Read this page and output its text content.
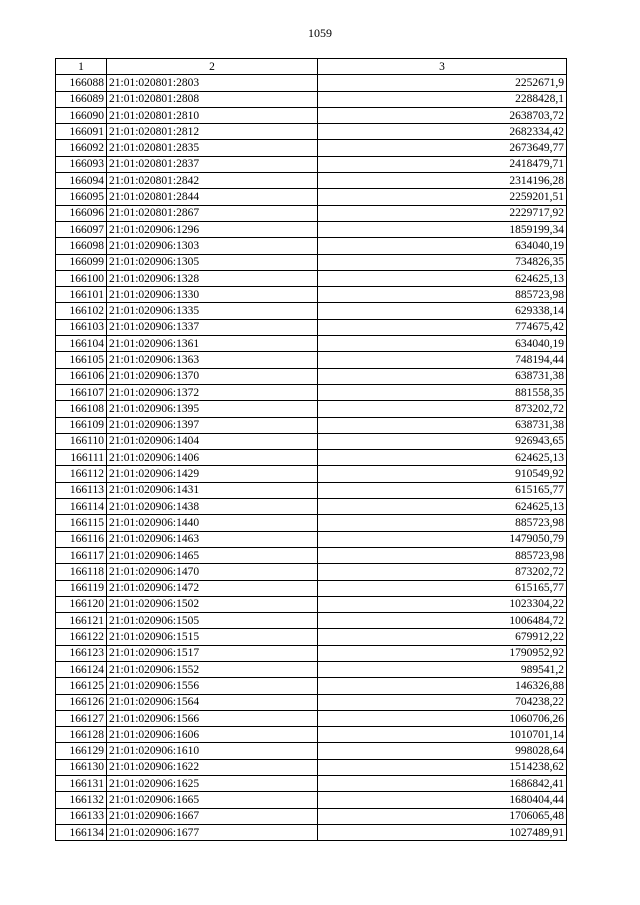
1059
1	2	3
166088	21:01:020801:2803	2252671,9
166089	21:01:020801:2808	2288428,1
166090	21:01:020801:2810	2638703,72
166091	21:01:020801:2812	2682334,42
166092	21:01:020801:2835	2673649,77
166093	21:01:020801:2837	2418479,71
166094	21:01:020801:2842	2314196,28
166095	21:01:020801:2844	2259201,51
166096	21:01:020801:2867	2229717,92
166097	21:01:020906:1296	1859199,34
166098	21:01:020906:1303	634040,19
166099	21:01:020906:1305	734826,35
166100	21:01:020906:1328	624625,13
166101	21:01:020906:1330	885723,98
166102	21:01:020906:1335	629338,14
166103	21:01:020906:1337	774675,42
166104	21:01:020906:1361	634040,19
166105	21:01:020906:1363	748194,44
166106	21:01:020906:1370	638731,38
166107	21:01:020906:1372	881558,35
166108	21:01:020906:1395	873202,72
166109	21:01:020906:1397	638731,38
166110	21:01:020906:1404	926943,65
166111	21:01:020906:1406	624625,13
166112	21:01:020906:1429	910549,92
166113	21:01:020906:1431	615165,77
166114	21:01:020906:1438	624625,13
166115	21:01:020906:1440	885723,98
166116	21:01:020906:1463	1479050,79
166117	21:01:020906:1465	885723,98
166118	21:01:020906:1470	873202,72
166119	21:01:020906:1472	615165,77
166120	21:01:020906:1502	1023304,22
166121	21:01:020906:1505	1006484,72
166122	21:01:020906:1515	679912,22
166123	21:01:020906:1517	1790952,92
166124	21:01:020906:1552	989541,2
166125	21:01:020906:1556	146326,88
166126	21:01:020906:1564	704238,22
166127	21:01:020906:1566	1060706,26
166128	21:01:020906:1606	1010701,14
166129	21:01:020906:1610	998028,64
166130	21:01:020906:1622	1514238,62
166131	21:01:020906:1625	1686842,41
166132	21:01:020906:1665	1680404,44
166133	21:01:020906:1667	1706065,48
166134	21:01:020906:1677	1027489,91
